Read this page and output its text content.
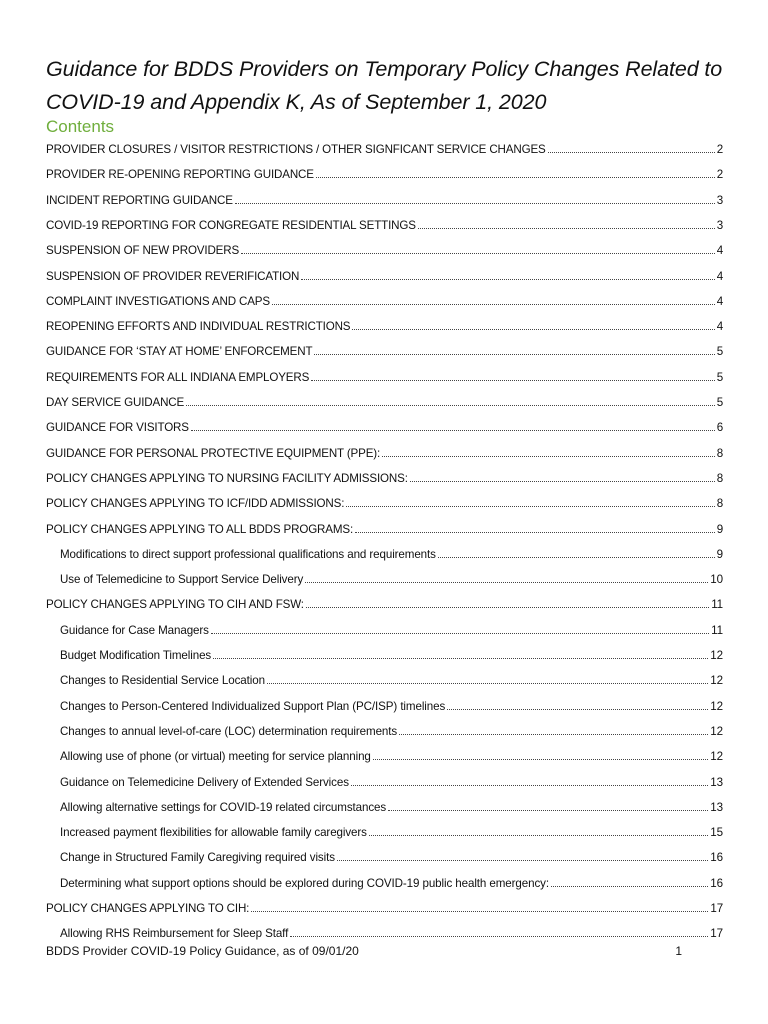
Guidance for BDDS Providers on Temporary Policy Changes Related to COVID-19 and Appendix K, As of September 1, 2020
Contents
PROVIDER CLOSURES / VISITOR RESTRICTIONS / OTHER SIGNFICANT SERVICE CHANGES	2
PROVIDER RE-OPENING REPORTING GUIDANCE	2
INCIDENT REPORTING GUIDANCE	3
COVID-19 REPORTING FOR CONGREGATE RESIDENTIAL SETTINGS	3
SUSPENSION OF NEW PROVIDERS	4
SUSPENSION OF PROVIDER REVERIFICATION	4
COMPLAINT INVESTIGATIONS AND CAPS	4
REOPENING EFFORTS AND INDIVIDUAL RESTRICTIONS	4
GUIDANCE FOR ‘STAY AT HOME’ ENFORCEMENT	5
REQUIREMENTS FOR ALL INDIANA EMPLOYERS	5
DAY SERVICE GUIDANCE	5
GUIDANCE FOR VISITORS	6
GUIDANCE FOR PERSONAL PROTECTIVE EQUIPMENT (PPE):	8
POLICY CHANGES APPLYING TO NURSING FACILITY ADMISSIONS:	8
POLICY CHANGES APPLYING TO ICF/IDD ADMISSIONS:	8
POLICY CHANGES APPLYING TO ALL BDDS PROGRAMS:	9
Modifications to direct support professional qualifications and requirements	9
Use of Telemedicine to Support Service Delivery	10
POLICY CHANGES APPLYING TO CIH AND FSW:	11
Guidance for Case Managers	11
Budget Modification Timelines	12
Changes to Residential Service Location	12
Changes to Person-Centered Individualized Support Plan (PC/ISP) timelines	12
Changes to annual level-of-care (LOC) determination requirements	12
Allowing use of phone (or virtual) meeting for service planning	12
Guidance on Telemedicine Delivery of Extended Services	13
Allowing alternative settings for COVID-19 related circumstances	13
Increased payment flexibilities for allowable family caregivers	15
Change in Structured Family Caregiving required visits	16
Determining what support options should be explored during COVID-19 public health emergency:	16
POLICY CHANGES APPLYING TO CIH:	17
Allowing RHS Reimbursement for Sleep Staff	17
BDDS Provider COVID-19 Policy Guidance, as of 09/01/20	1
